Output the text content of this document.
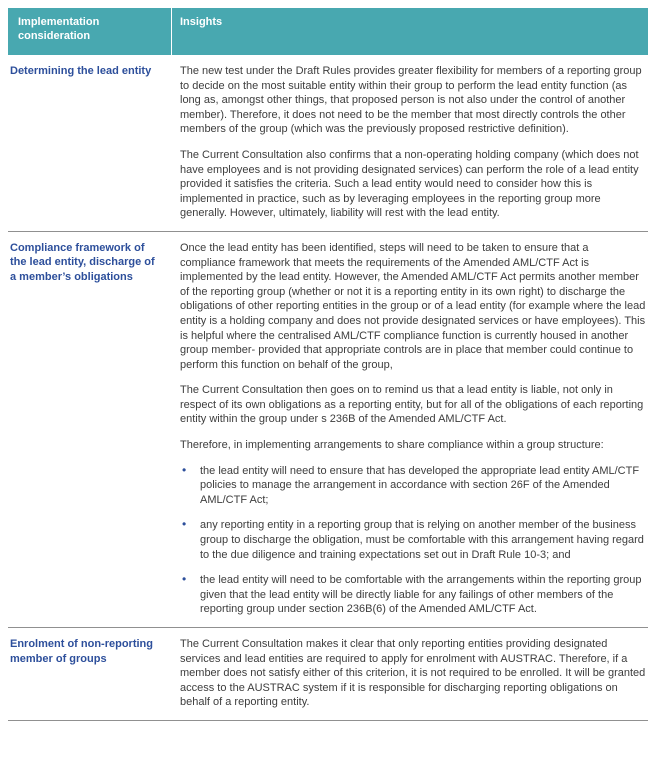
Implementation consideration
Insights
Determining the lead entity	The new test under the Draft Rules provides greater flexibility for members of a reporting group to decide on the most suitable entity within their group to perform the lead entity function (as long as, amongst other things, that proposed person is not also under the control of another member). Therefore, it does not need to be the member that most directly controls the other members of the group (which was the previously proposed restrictive definition).

The Current Consultation also confirms that a non-operating holding company (which does not have employees and is not providing designated services) can perform the role of a lead entity provided it satisfies the criteria. Such a lead entity would need to consider how this is implemented in practice, such as by leveraging employees in the reporting group more generally. However, ultimately, liability will rest with the lead entity.

Compliance framework of the lead entity, discharge of a member’s obligations

Once the lead entity has been identified, steps will need to be taken to ensure that a compliance framework that meets the requirements of the Amended AML/CTF Act is implemented by the lead entity. However, the Amended AML/CTF Act permits another member of the reporting group (whether or not it is a reporting entity in its own right) to discharge the obligations of other reporting entities in the group or of a lead entity (for example where the lead entity is a holding company and does not provide designated services or have employees). This is helpful where the centralised AML/CTF compliance function is currently housed in another group member- provided that appropriate controls are in place that member could continue to perform this function on behalf of the group,

The Current Consultation then goes on to remind us that a lead entity is liable, not only in respect of its own obligations as a reporting entity, but for all of the obligations of each reporting entity within the group under s 236B of the Amended AML/CTF Act.

Therefore, in implementing arrangements to share compliance within a group structure:

• the lead entity will need to ensure that has developed the appropriate lead entity AML/CTF policies to manage the arrangement in accordance with section 26F of the Amended AML/CTF Act;
• any reporting entity in a reporting group that is relying on another member of the business group to discharge the obligation, must be comfortable with this arrangement having regard to the due diligence and training expectations set out in Draft Rule 10-3; and
• the lead entity will need to be comfortable with the arrangements within the reporting group given that the lead entity will be directly liable for any failings of other members of the reporting group under section 236B(6) of the Amended AML/CTF Act.
Enrolment of non-reporting member of groups

The Current Consultation makes it clear that only reporting entities providing designated services and lead entities are required to apply for enrolment with AUSTRAC. Therefore, if a member does not satisfy either of this criterion, it is not required to be enrolled. It will be granted access to the AUSTRAC system if it is responsible for discharging reporting obligations on behalf of a reporting entity.
